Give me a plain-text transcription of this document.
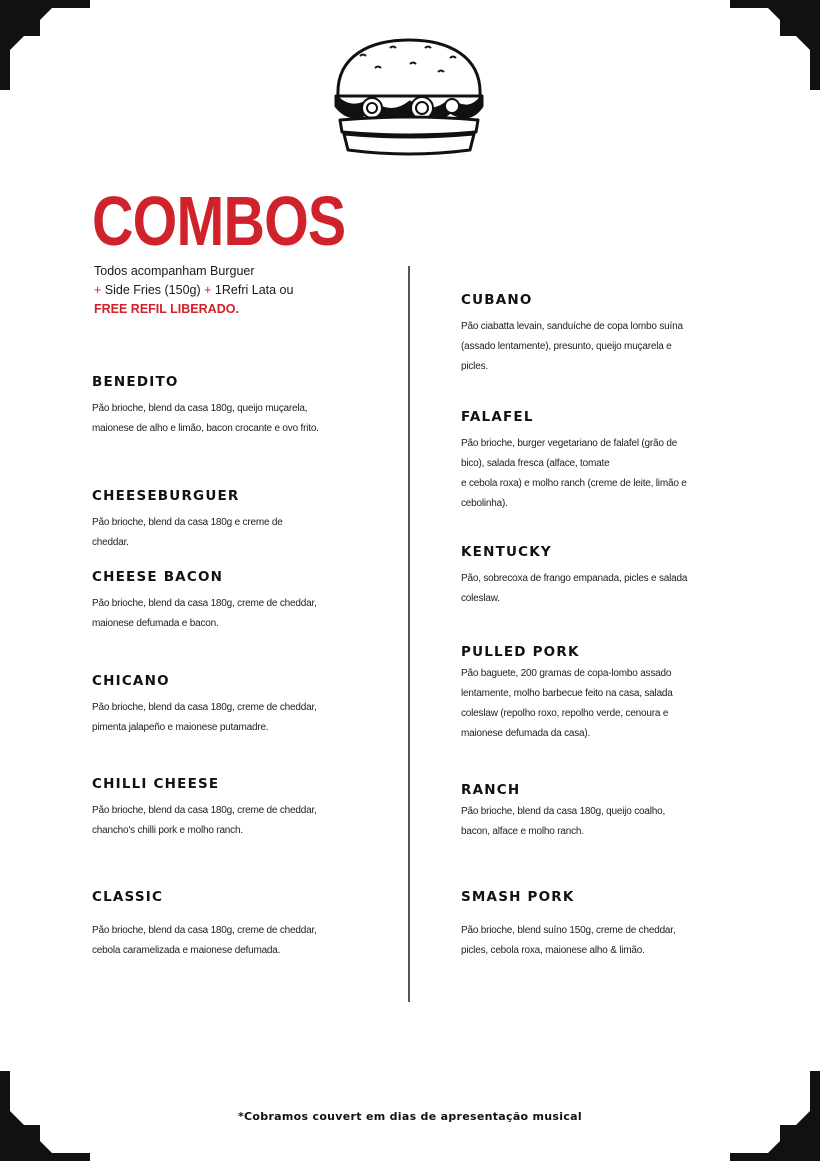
COMBOS
Todos acompanham Burguer
+ Side Fries (150g) + 1Refri Lata ou
FREE REFIL LIBERADO.
BENEDITO

Pão brioche, blend da casa 180g, queijo muçarela,
maionese de alho e limão, bacon crocante e ovo frito.

CHEESEBURGUER

Pão brioche, blend da casa 180g e creme de
cheddar.

CHEESE BACON

Pão brioche, blend da casa 180g, creme de cheddar,
maionese defumada e bacon.

CHICANO

Pão brioche, blend da casa 180g, creme de cheddar,
pimenta jalapeño e maionese putamadre.

CHILLI CHEESE

Pão brioche, blend da casa 180g, creme de cheddar,
chancho's chilli pork e molho ranch.

CLASSIC

Pão brioche, blend da casa 180g, creme de cheddar,
cebola caramelizada e maionese defumada.

CUBANO

Pão ciabatta levain, sanduíche de copa lombo suína
(assado lentamente), presunto, queijo muçarela e
picles.

FALAFEL

Pão brioche, burger vegetariano de falafel (grão de
bico), salada fresca (alface, tomate
e cebola roxa) e molho ranch (creme de leite, limão e
cebolinha).

KENTUCKY

Pão, sobrecoxa de frango empanada, picles e salada
coleslaw.

PULLED PORK

Pão baguete, 200 gramas de copa-lombo assado
lentamente, molho barbecue feito na casa, salada
coleslaw (repolho roxo, repolho verde, cenoura e
maionese defumada da casa).

RANCH

Pão brioche, blend da casa 180g, queijo coalho,
bacon, alface e molho ranch.

SMASH PORK

Pão brioche, blend suíno 150g, creme de cheddar,
picles, cebola roxa, maionese alho & limão.

*Cobramos couvert em dias de apresentação musical
